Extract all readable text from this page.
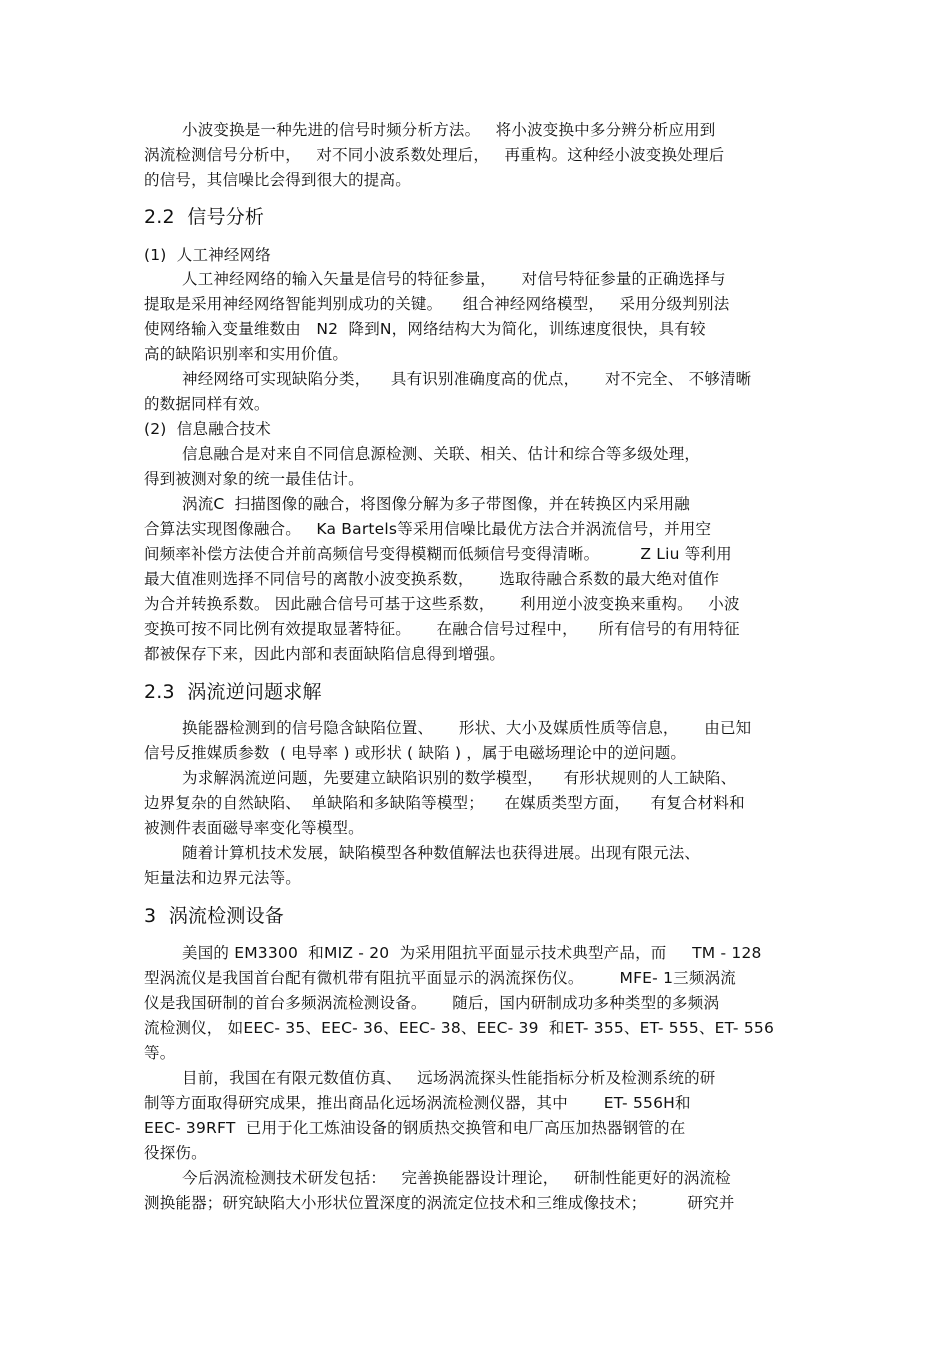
小波变换是一种先进的信号时频分析方法。   将小波变换中多分辨分析应用到
涡流检测信号分析中，   对不同小波系数处理后，   再重构。这种经小波变换处理后
的信号，其信噪比会得到很大的提高。
2.2  信号分析
(1)  人工神经网络
人工神经网络的输入矢量是信号的特征参量，     对信号特征参量的正确选择与
提取是采用神经网络智能判别成功的关键。    组合神经网络模型，   采用分级判别法
使网络输入变量维数由   N2  降到N，网络结构大为简化，训练速度很快，具有较
高的缺陷识别率和实用价值。
神经网络可实现缺陷分类，    具有识别准确度高的优点，     对不完全、 不够清晰
的数据同样有效。
(2)  信息融合技术
信息融合是对来自不同信息源检测、关联、相关、估计和综合等多级处理，
得到被测对象的统一最佳估计。
涡流C  扫描图像的融合，将图像分解为多子带图像，并在转换区内采用融
合算法实现图像融合。   Ka Bartels等采用信噪比最优方法合并涡流信号，并用空
间频率补偿方法使合并前高频信号变得模糊而低频信号变得清晰。        Z Liu 等利用
最大值准则选择不同信号的离散小波变换系数，     选取待融合系数的最大绝对值作
为合并转换系数。 因此融合信号可基于这些系数，     利用逆小波变换来重构。   小波
变换可按不同比例有效提取显著特征。     在融合信号过程中，    所有信号的有用特征
都被保存下来，因此内部和表面缺陷信息得到增强。
2.3  涡流逆问题求解
换能器检测到的信号隐含缺陷位置、     形状、大小及媒质性质等信息，     由已知
信号反推媒质参数  ( 电导率 ) 或形状 ( 缺陷 ) ，属于电磁场理论中的逆问题。
为求解涡流逆问题，先要建立缺陷识别的数学模型，    有形状规则的人工缺陷、
边界复杂的自然缺陷、  单缺陷和多缺陷等模型；    在媒质类型方面，    有复合材料和
被测件表面磁导率变化等模型。
随着计算机技术发展，缺陷模型各种数值解法也获得进展。出现有限元法、
矩量法和边界元法等。
3  涡流检测设备
美国的 EM3300  和MIZ - 20  为采用阻抗平面显示技术典型产品，而     TM - 128
型涡流仪是我国首台配有微机带有阻抗平面显示的涡流探伤仪。       MFE- 1三频涡流
仪是我国研制的首台多频涡流检测设备。     随后，国内研制成功多种类型的多频涡
流检测仪， 如EEC- 35、EEC- 36、EEC- 38、EEC- 39  和ET- 355、ET- 555、ET- 556
等。
目前，我国在有限元数值仿真、   远场涡流探头性能指标分析及检测系统的研
制等方面取得研究成果，推出商品化远场涡流检测仪器，其中       ET- 556H和
EEC- 39RFT  已用于化工炼油设备的钢质热交换管和电厂高压加热器钢管的在
役探伤。
今后涡流检测技术研发包括：   完善换能器设计理论，   研制性能更好的涡流检
测换能器；研究缺陷大小形状位置深度的涡流定位技术和三维成像技术；        研究并
